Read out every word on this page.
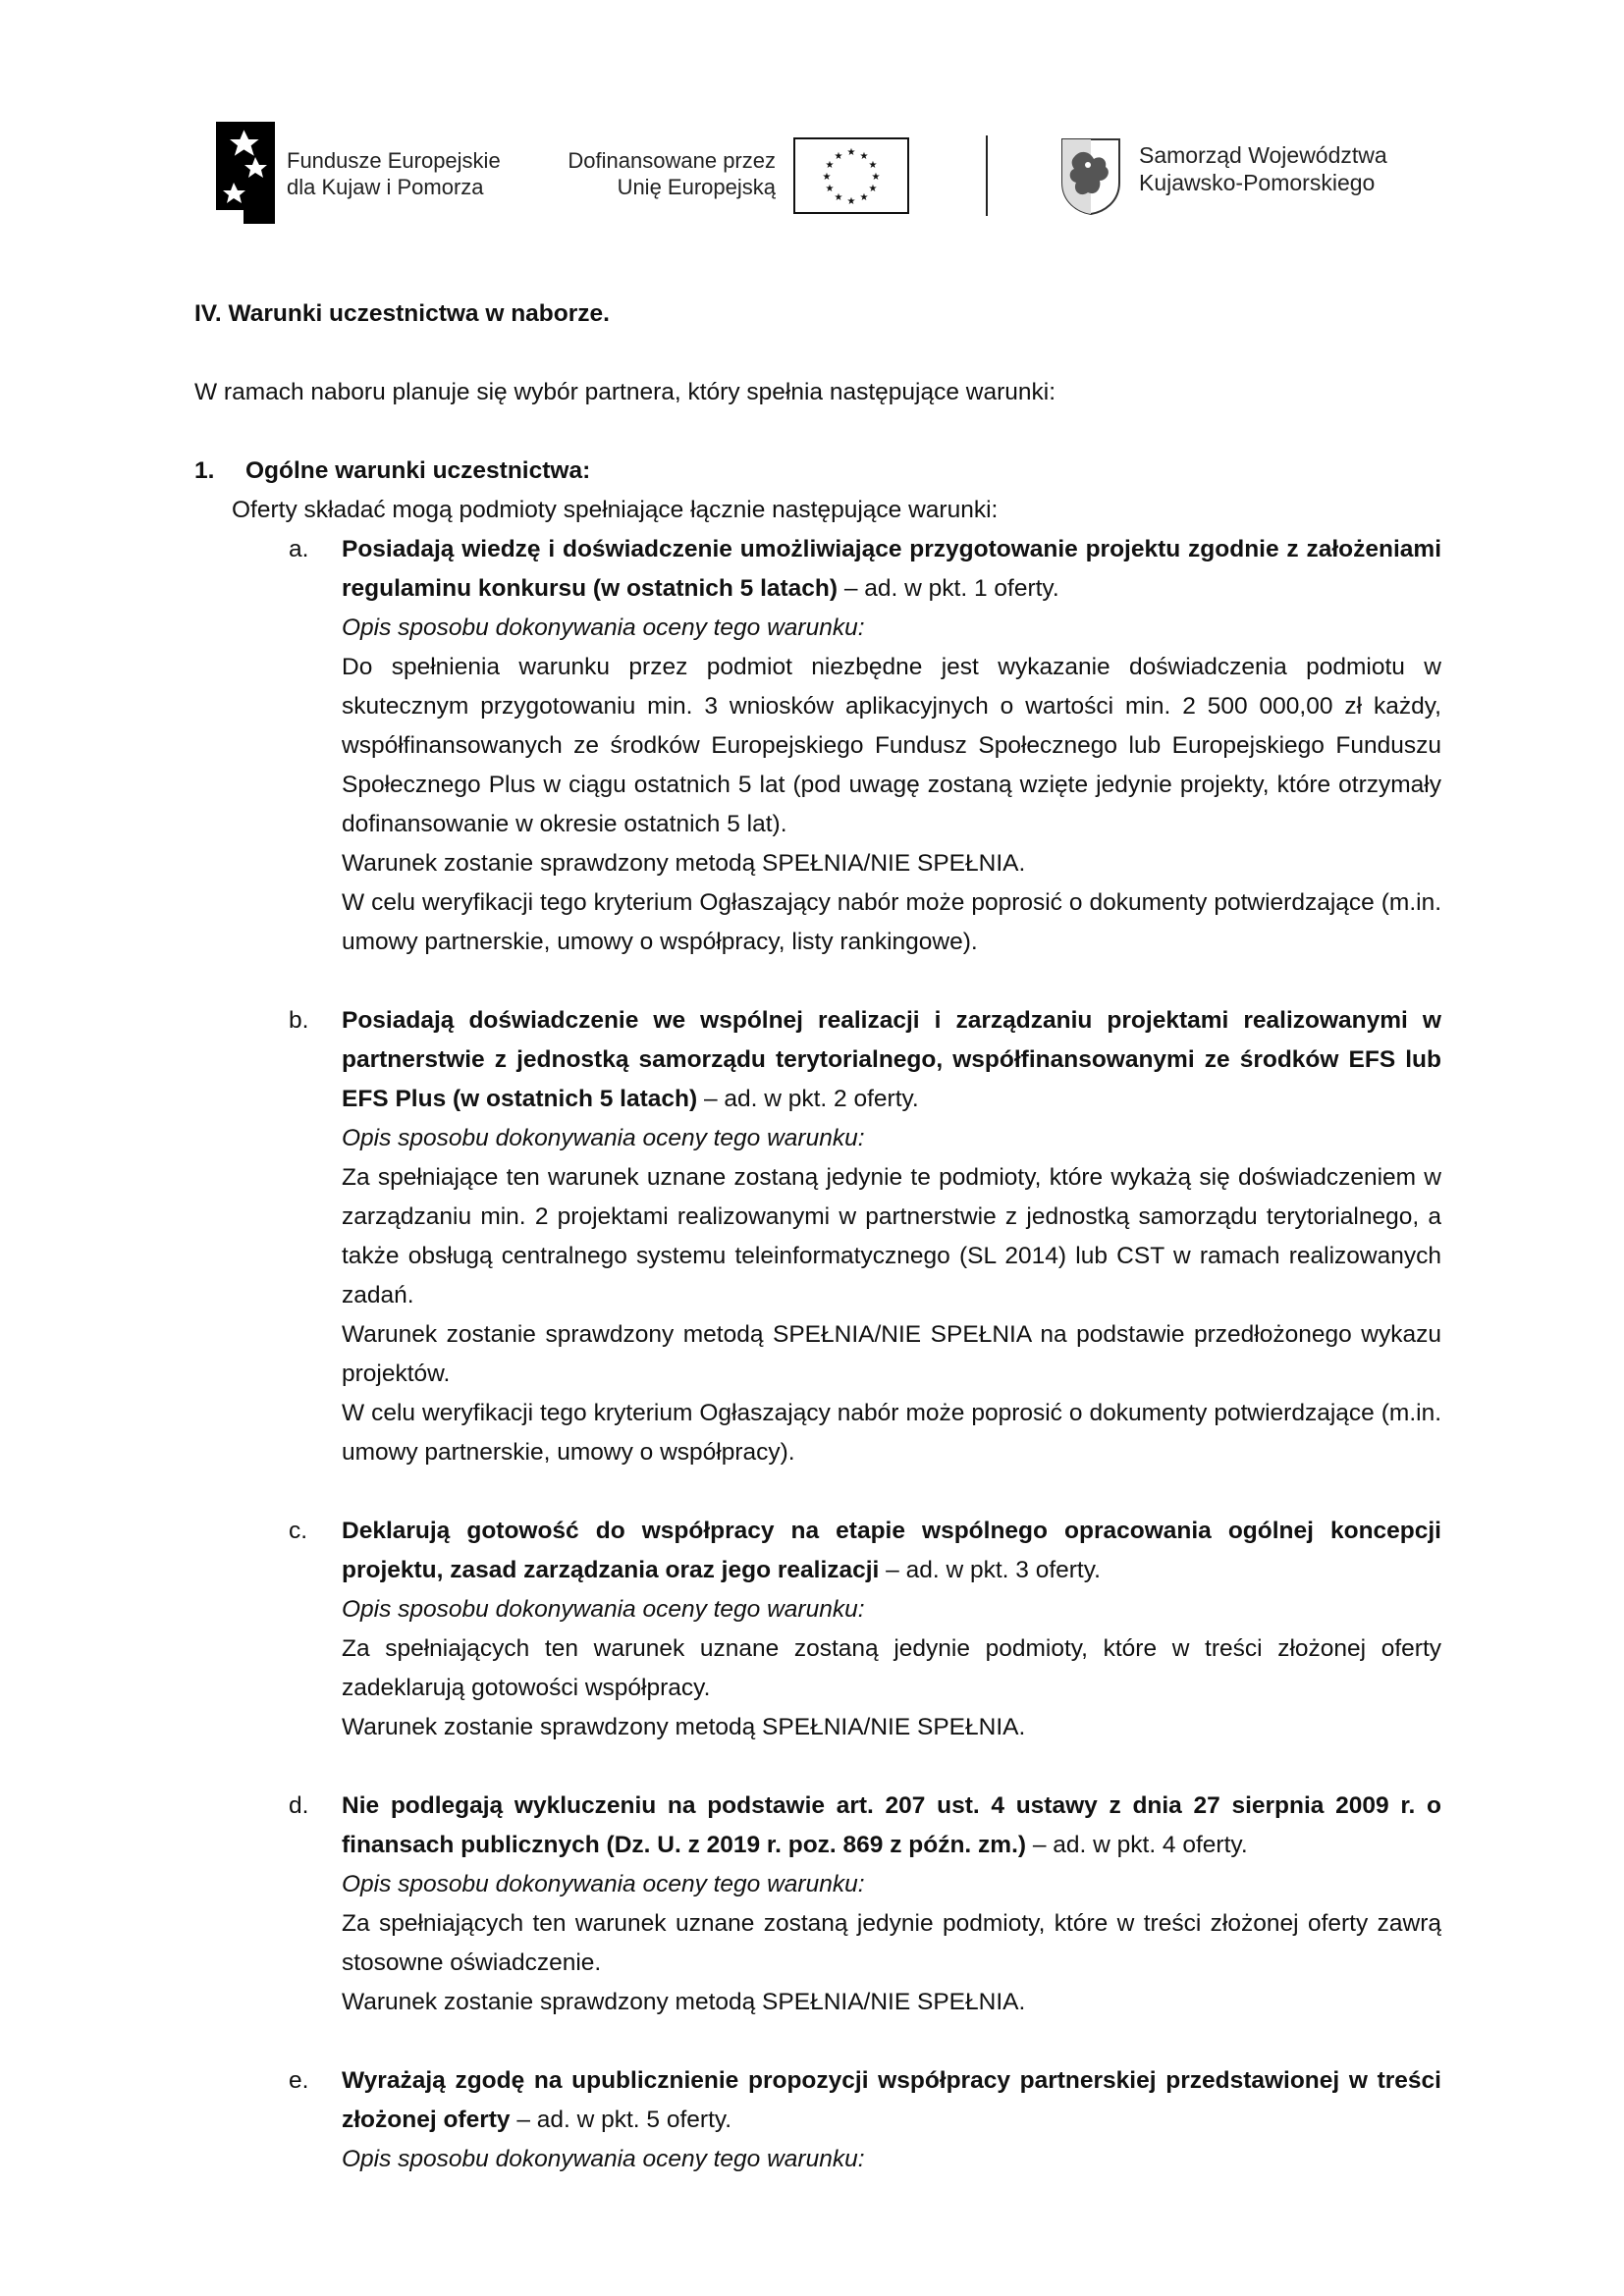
Fundusze Europejskie
dla Kujaw i Pomorza
Dofinansowane przez
Unię Europejską
★ ★
★
★
★
★
★
★
★
★
★
★	Samorząd Województwa
Kujawsko-Pomorskiego

IV. Warunki uczestnictwa w naborze.

W ramach naboru planuje się wybór partnera, który spełnia następujące warunki:

1. Ogólne warunki uczestnictwa:

Oferty składać mogą podmioty spełniające łącznie następujące warunki:

a. Posiadają wiedzę i doświadczenie umożliwiające przygotowanie projektu zgodnie z założeniami regulaminu konkursu (w ostatnich 5 latach) – ad. w pkt. 1 oferty.

Opis sposobu dokonywania oceny tego warunku:

Do spełnienia warunku przez podmiot niezbędne jest wykazanie doświadczenia podmiotu w skutecznym przygotowaniu min. 3 wniosków aplikacyjnych o wartości min. 2 500 000,00 zł każdy, współfinansowanych ze środków Europejskiego Fundusz Społecznego lub Europejskiego Funduszu Społecznego Plus w ciągu ostatnich 5 lat (pod uwagę zostaną wzięte jedynie projekty, które otrzymały dofinansowanie w okresie ostatnich 5 lat).

Warunek zostanie sprawdzony metodą SPEŁNIA/NIE SPEŁNIA.

W celu weryfikacji tego kryterium Ogłaszający nabór może poprosić o dokumenty potwierdzające (m.in. umowy partnerskie, umowy o współpracy, listy rankingowe).

b. Posiadają doświadczenie we wspólnej realizacji i zarządzaniu projektami realizowanymi w partnerstwie z jednostką samorządu terytorialnego, współfinansowanymi ze środków EFS lub EFS Plus (w ostatnich 5 latach) – ad. w pkt. 2 oferty.

Opis sposobu dokonywania oceny tego warunku:

Za spełniające ten warunek uznane zostaną jedynie te podmioty, które wykażą się doświadczeniem w zarządzaniu min. 2 projektami realizowanymi w partnerstwie z jednostką samorządu terytorialnego, a także obsługą centralnego systemu teleinformatycznego (SL 2014) lub CST w ramach realizowanych zadań.

Warunek zostanie sprawdzony metodą SPEŁNIA/NIE SPEŁNIA na podstawie przedłożonego wykazu projektów.

W celu weryfikacji tego kryterium Ogłaszający nabór może poprosić o dokumenty potwierdzające (m.in. umowy partnerskie, umowy o współpracy).

c. Deklarują gotowość do współpracy na etapie wspólnego opracowania ogólnej koncepcji projektu, zasad zarządzania oraz jego realizacji – ad. w pkt. 3 oferty.

Opis sposobu dokonywania oceny tego warunku:

Za spełniających ten warunek uznane zostaną jedynie podmioty, które w treści złożonej oferty zadeklarują gotowości współpracy.

Warunek zostanie sprawdzony metodą SPEŁNIA/NIE SPEŁNIA.

d. Nie podlegają wykluczeniu na podstawie art. 207 ust. 4 ustawy z dnia 27 sierpnia 2009 r. o finansach publicznych (Dz. U. z 2019 r. poz. 869 z późn. zm.) – ad. w pkt. 4 oferty.

Opis sposobu dokonywania oceny tego warunku:

Za spełniających ten warunek uznane zostaną jedynie podmioty, które w treści złożonej oferty zawrą stosowne oświadczenie.

Warunek zostanie sprawdzony metodą SPEŁNIA/NIE SPEŁNIA.

e. Wyrażają zgodę na upublicznienie propozycji współpracy partnerskiej przedstawionej w treści złożonej oferty – ad. w pkt. 5 oferty.

Opis sposobu dokonywania oceny tego warunku:
